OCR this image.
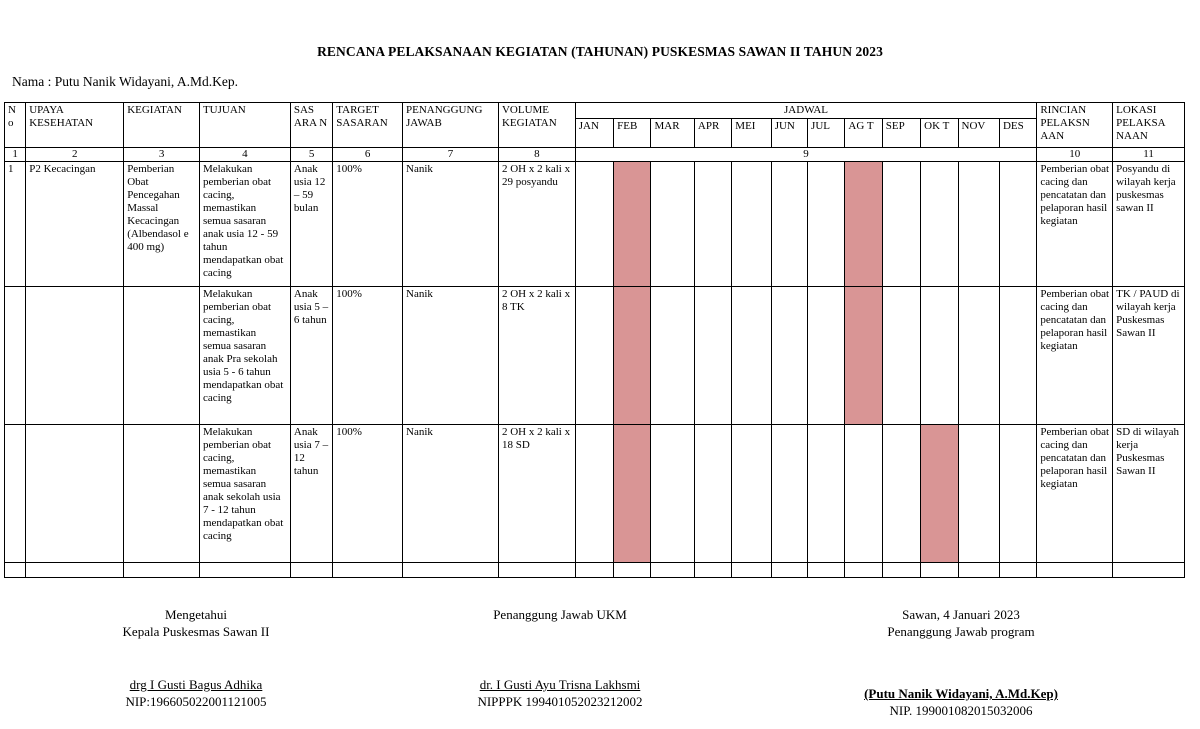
RENCANA PELAKSANAAN KEGIATAN (TAHUNAN) PUSKESMAS SAWAN II TAHUN 2023
Nama : Putu Nanik Widayani, A.Md.Kep.
N o	UPAYA KESEHATAN	KEGIATAN	TUJUAN	SAS ARA N	TARGET SASARAN	PENANGGUNG JAWAB	VOLUME KEGIATAN	JADWAL												RINCIAN PELAKSN AAN	LOKASI PELAKSA NAAN
								JAN	FEB	MAR	APR	MEI	JUN	JUL	AG T	SEP	OK T	NOV	DES		
1	2	3	4	5	6	7	8	9												10	11
1	P2 Kecacingan	Pemberian Obat Pencegahan Massal Kecacingan (Albendasol e 400 mg)	Melakukan pemberian obat cacing, memastikan semua sasaran anak usia 12 - 59 tahun mendapatkan obat cacing	Anak usia 12 – 59 bulan	100%	Nanik	2 OH x 2 kali x 29 posyandu													Pemberian obat cacing dan pencatatan dan pelaporan hasil kegiatan	Posyandu di wilayah kerja puskesmas sawan II
			Melakukan pemberian obat cacing, memastikan semua sasaran anak Pra sekolah usia 5 - 6 tahun mendapatkan obat cacing	Anak usia 5 – 6 tahun	100%	Nanik	2 OH x 2 kali x 8 TK													Pemberian obat cacing dan pencatatan dan pelaporan hasil kegiatan	TK / PAUD di wilayah kerja Puskesmas Sawan II
			Melakukan pemberian obat cacing, memastikan semua sasaran anak sekolah usia 7 - 12 tahun mendapatkan obat cacing	Anak usia 7 – 12 tahun	100%	Nanik	2 OH x 2 kali x 18 SD													Pemberian obat cacing dan pencatatan dan pelaporan hasil kegiatan	SD di wilayah kerja Puskesmas Sawan II

Mengetahui
Kepala Puskesmas Sawan II
drg I Gusti Bagus Adhika
NIP:196605022001121005
Penanggung Jawab UKM
dr. I Gusti Ayu Trisna Lakhsmi
NIPPPK 199401052023212002
Sawan, 4 Januari 2023
Penanggung Jawab program
(Putu Nanik Widayani, A.Md.Kep)
NIP. 199001082015032006
